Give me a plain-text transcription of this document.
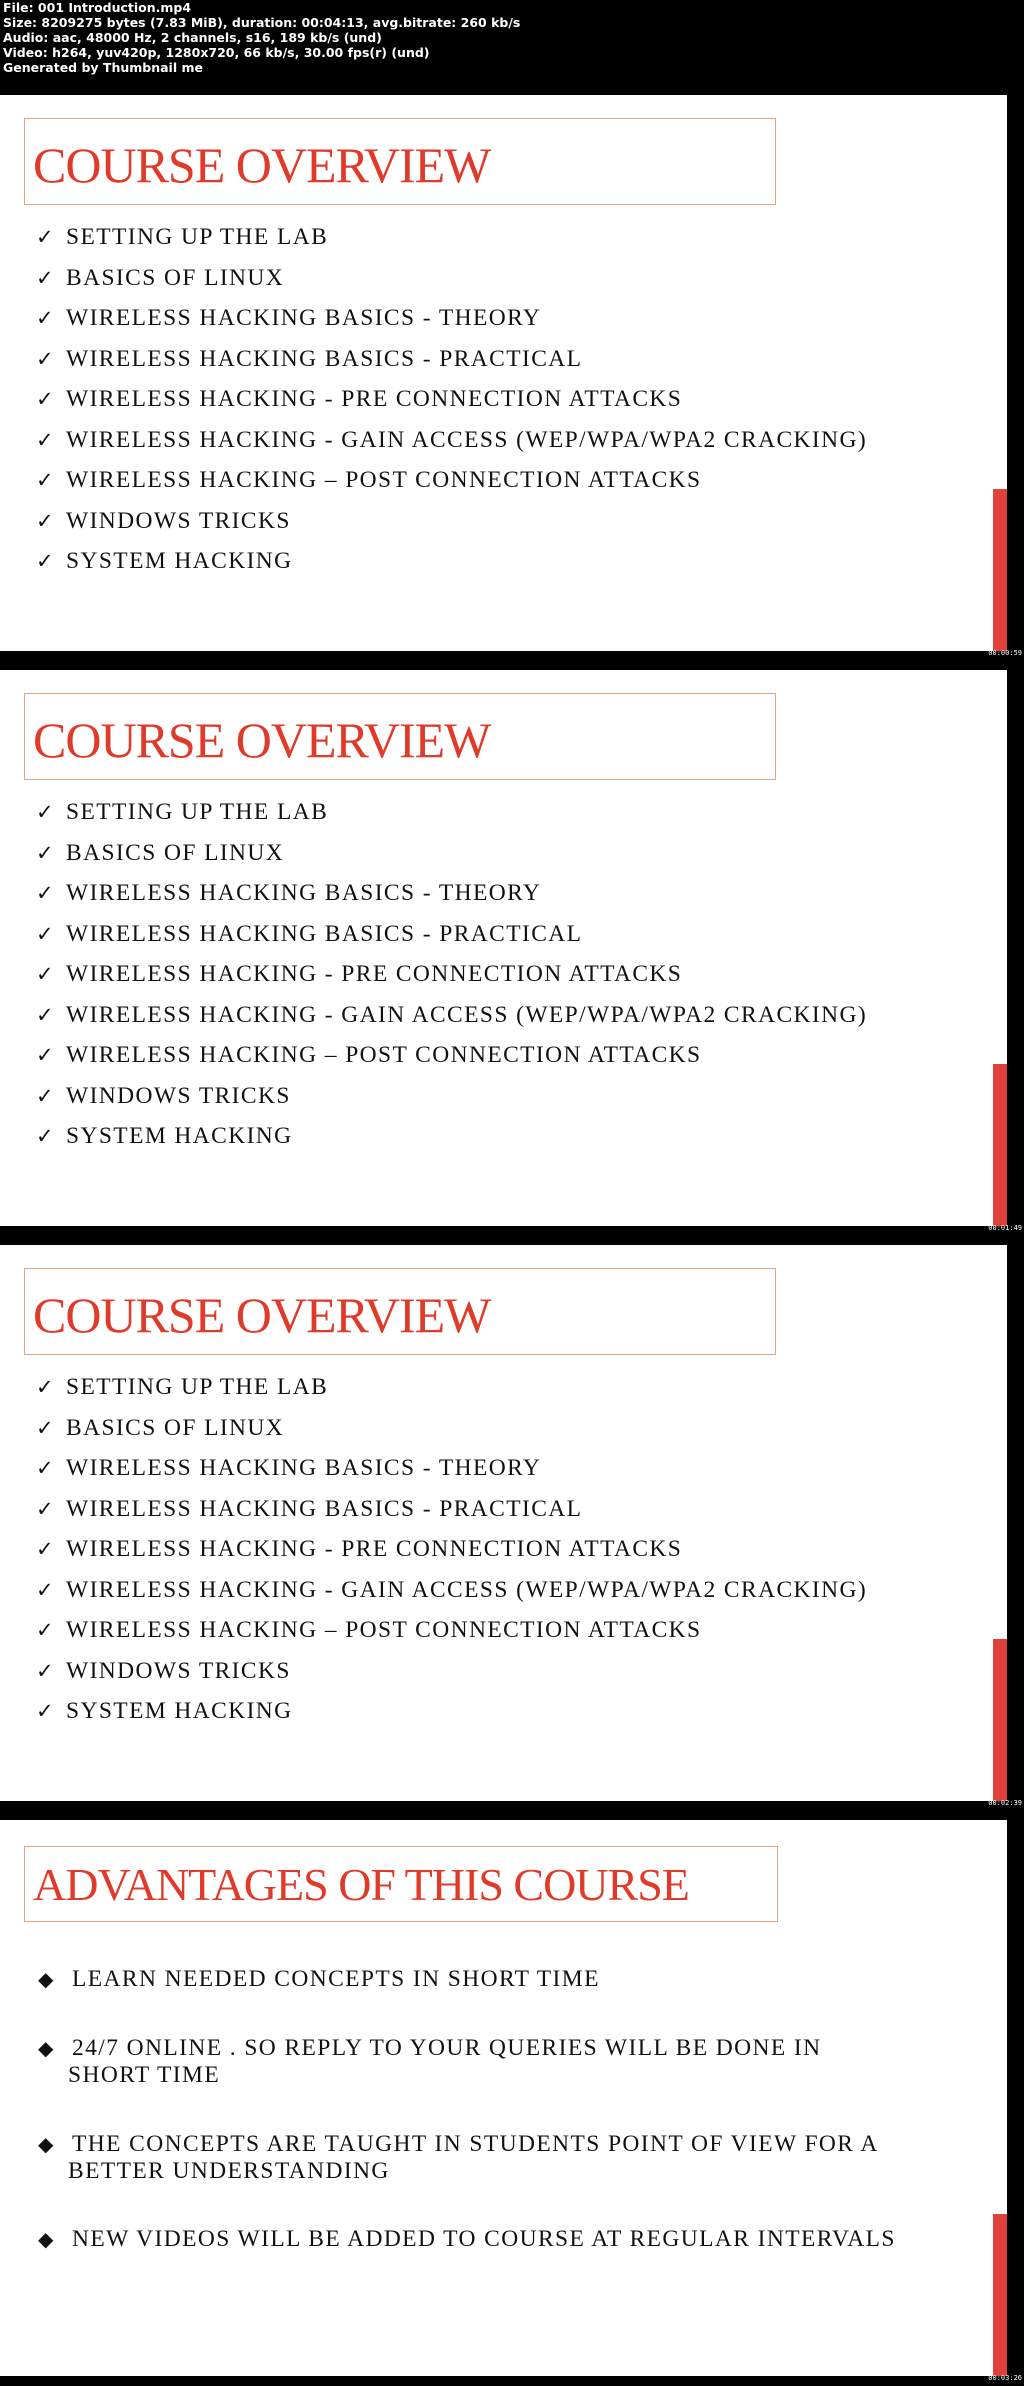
File: 001 Introduction.mp4
Size: 8209275 bytes (7.83 MiB), duration: 00:04:13, avg.bitrate: 260 kb/s
Audio: aac, 48000 Hz, 2 channels, s16, 189 kb/s (und)
Video: h264, yuv420p, 1280x720, 66 kb/s, 30.00 fps(r) (und)
Generated by Thumbnail me
COURSE OVERVIEW
✓ SETTING UP THE LAB
✓ BASICS OF LINUX
✓ WIRELESS HACKING BASICS - THEORY
✓ WIRELESS HACKING BASICS - PRACTICAL
✓ WIRELESS HACKING - PRE CONNECTION ATTACKS
✓ WIRELESS HACKING - GAIN ACCESS (WEP/WPA/WPA2 CRACKING)
✓ WIRELESS HACKING – POST CONNECTION ATTACKS
✓ WINDOWS TRICKS
✓ SYSTEM HACKING
00:00:59
COURSE OVERVIEW
✓ SETTING UP THE LAB
✓ BASICS OF LINUX
✓ WIRELESS HACKING BASICS - THEORY
✓ WIRELESS HACKING BASICS - PRACTICAL
✓ WIRELESS HACKING - PRE CONNECTION ATTACKS
✓ WIRELESS HACKING - GAIN ACCESS (WEP/WPA/WPA2 CRACKING)
✓ WIRELESS HACKING – POST CONNECTION ATTACKS
✓ WINDOWS TRICKS
✓ SYSTEM HACKING
00:01:49
COURSE OVERVIEW
✓ SETTING UP THE LAB
✓ BASICS OF LINUX
✓ WIRELESS HACKING BASICS - THEORY
✓ WIRELESS HACKING BASICS - PRACTICAL
✓ WIRELESS HACKING - PRE CONNECTION ATTACKS
✓ WIRELESS HACKING - GAIN ACCESS (WEP/WPA/WPA2 CRACKING)
✓ WIRELESS HACKING – POST CONNECTION ATTACKS
✓ WINDOWS TRICKS
✓ SYSTEM HACKING
00:02:39
ADVANTAGES OF THIS COURSE
◆ LEARN NEEDED CONCEPTS IN SHORT TIME
◆ 24/7 ONLINE . SO REPLY TO YOUR QUERIES WILL BE DONE IN
SHORT TIME
◆ THE CONCEPTS ARE TAUGHT IN STUDENTS POINT OF VIEW FOR A
BETTER UNDERSTANDING
◆ NEW VIDEOS WILL BE ADDED TO COURSE AT REGULAR INTERVALS
00:03:26
